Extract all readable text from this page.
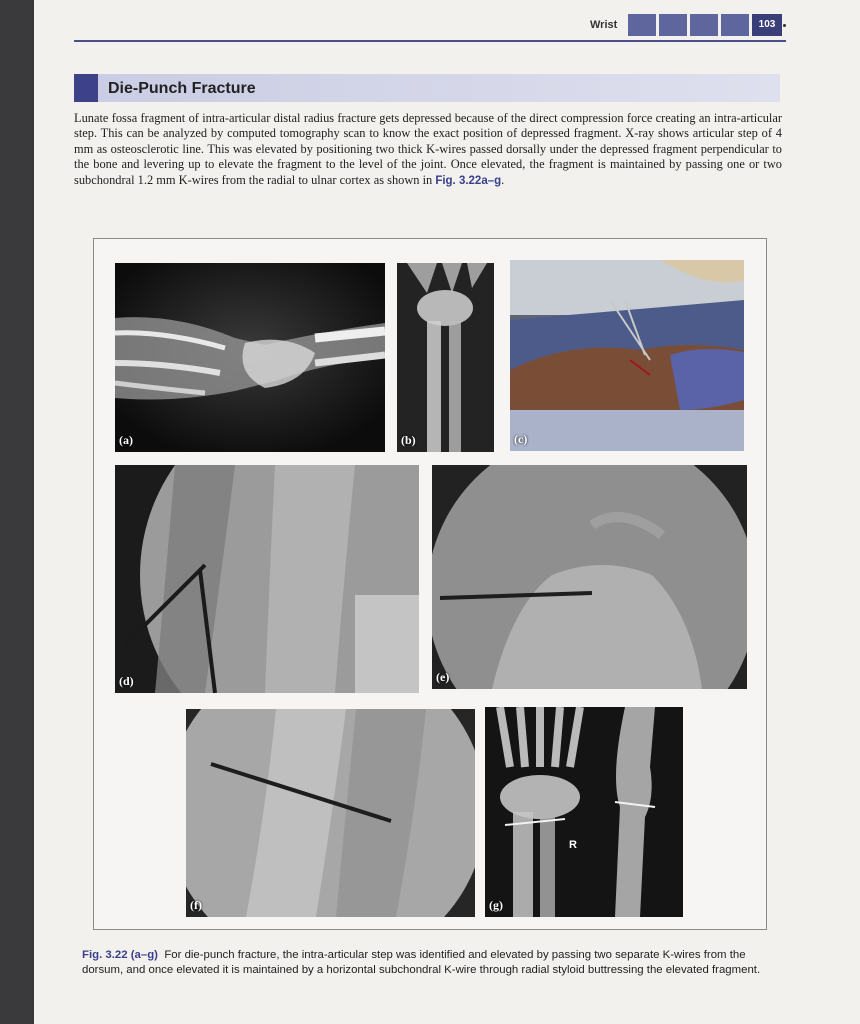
Wrist	103
Die-Punch Fracture
Lunate fossa fragment of intra-articular distal radius fracture gets depressed because of the direct compression force creating an intra-articular step. This can be analyzed by computed tomography scan to know the exact position of depressed fragment. X-ray shows articular step of 4 mm as osteosclerotic line. This was elevated by positioning two thick K-wires passed dorsally under the depressed fragment perpendicular to the bone and levering up to elevate the fragment to the level of the joint. Once elevated, the fragment is maintained by passing one or two subchondral 1.2 mm K-wires from the radial to ulnar cortex as shown in Fig. 3.22a–g.
(a)	(b)	(c)
(d)	(e)
(f)
R
(g)
Fig. 3.22 (a–g) For die-punch fracture, the intra-articular step was identified and elevated by passing two separate K-wires from the dorsum, and once elevated it is maintained by a horizontal subchondral K-wire through radial styloid buttressing the elevated fragment.
